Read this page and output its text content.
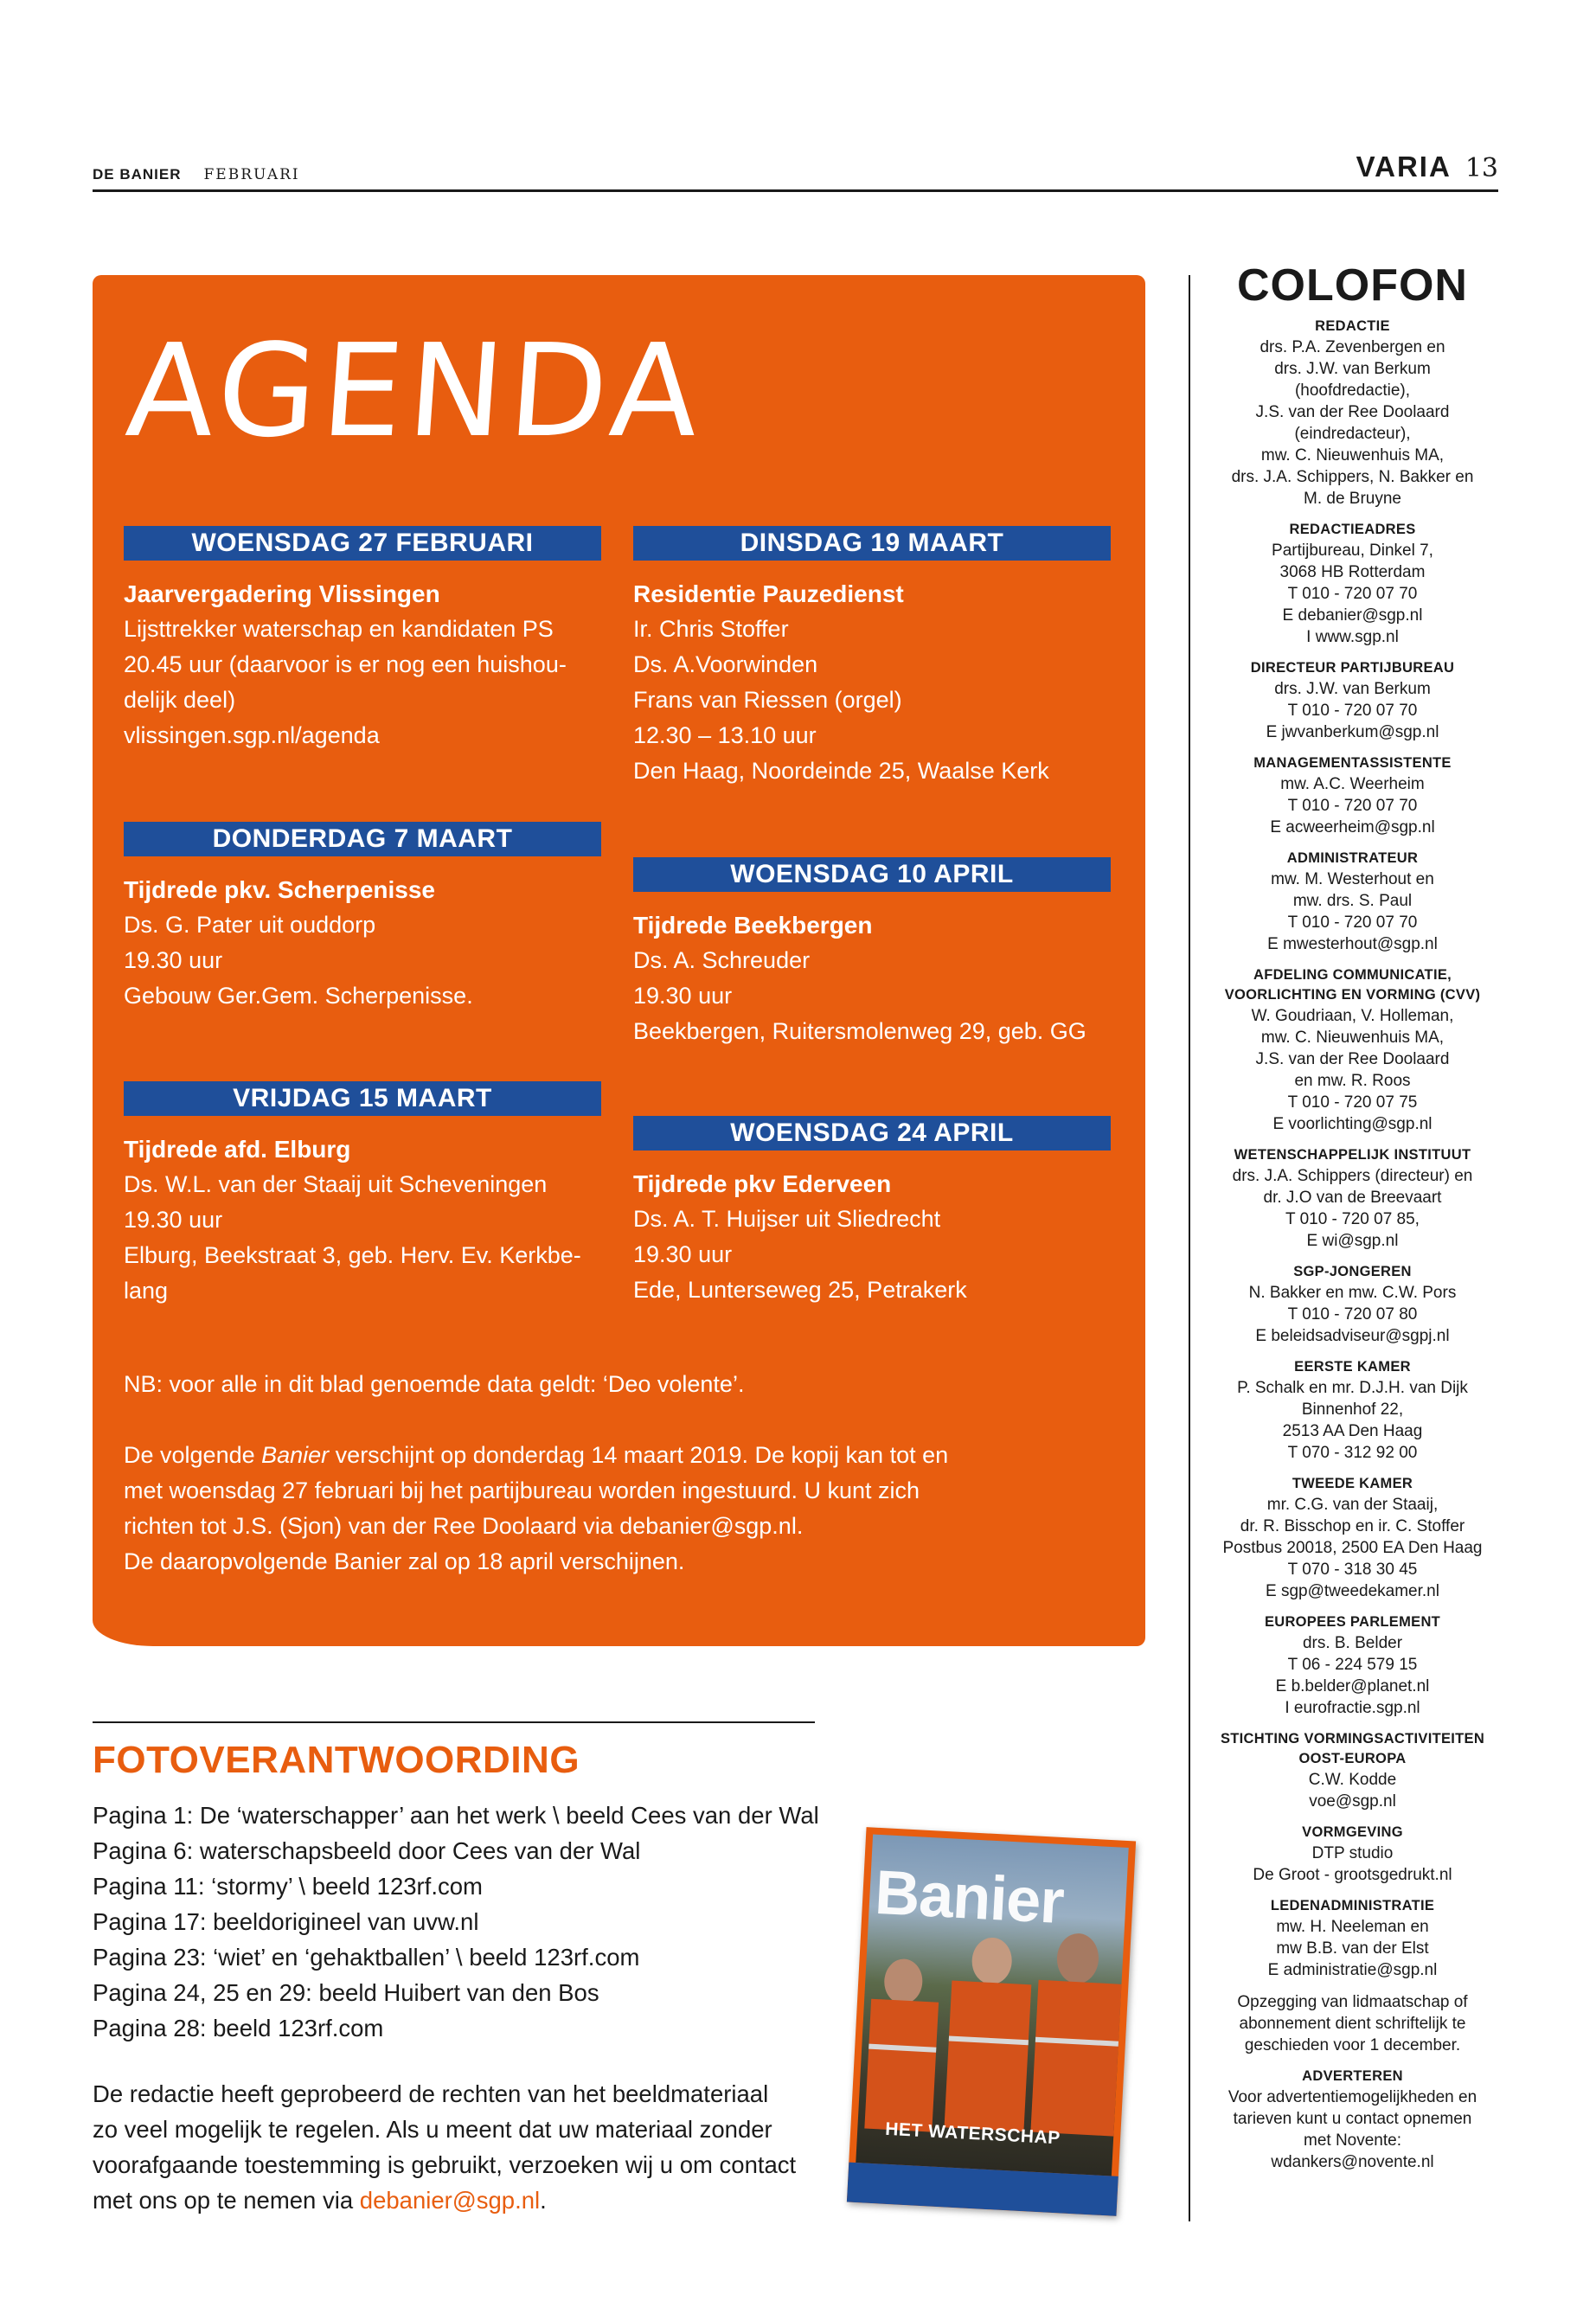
DE BANIER FEBRUARI	VARIA 13
AGENDA
WOENSDAG 27 FEBRUARI
Jaarvergadering Vlissingen
Lijsttrekker waterschap en kandidaten PS
20.45 uur (daarvoor is er nog een huishou-
delijk deel)
vlissingen.sgp.nl/agenda
DONDERDAG 7 MAART
Tijdrede pkv. Scherpenisse
Ds. G. Pater uit ouddorp
19.30 uur
Gebouw Ger.Gem. Scherpenisse.
VRIJDAG 15 MAART
Tijdrede afd. Elburg
Ds. W.L. van der Staaij uit Scheveningen
19.30 uur
Elburg, Beekstraat 3, geb. Herv. Ev. Kerkbe-
lang
DINSDAG 19 MAART
Residentie Pauzedienst
Ir. Chris Stoffer
Ds. A.Voorwinden
Frans van Riessen (orgel)
12.30 – 13.10 uur
Den Haag, Noordeinde 25, Waalse Kerk
WOENSDAG 10 APRIL
Tijdrede Beekbergen
Ds. A. Schreuder
19.30 uur
Beekbergen, Ruitersmolenweg 29, geb. GG
WOENSDAG 24 APRIL
Tijdrede pkv Ederveen
Ds. A. T. Huijser uit Sliedrecht
19.30 uur
Ede, Lunterseweg 25, Petrakerk

NB: voor alle in dit blad genoemde data geldt: ‘Deo volente’.

De volgende Banier verschijnt op donderdag 14 maart 2019. De kopij kan tot en

met woensdag 27 februari bij het partijbureau worden ingestuurd. U kunt zich

richten tot J.S. (Sjon) van der Ree Doolaard via debanier@sgp.nl.

De daaropvolgende Banier zal op 18 april verschijnen.

COLOFON
REDACTIE
drs. P.A. Zevenbergen en
drs. J.W. van Berkum
(hoofdredactie),
J.S. van der Ree Doolaard
(eindredacteur),
mw. C. Nieuwenhuis MA,
drs. J.A. Schippers, N. Bakker en
M. de Bruyne
REDACTIEADRES
Partijbureau, Dinkel 7,
3068 HB Rotterdam
T 010 - 720 07 70
E debanier@sgp.nl
I www.sgp.nl
DIRECTEUR PARTIJBUREAU
drs. J.W. van Berkum
T 010 - 720 07 70
E jwvanberkum@sgp.nl
MANAGEMENTASSISTENTE
mw. A.C. Weerheim
T 010 - 720 07 70
E acweerheim@sgp.nl
ADMINISTRATEUR
mw. M. Westerhout en
mw. drs. S. Paul
T 010 - 720 07 70
E mwesterhout@sgp.nl
AFDELING COMMUNICATIE, VOORLICHTING EN VORMING (CVV)
W. Goudriaan, V. Holleman,
mw. C. Nieuwenhuis MA,
J.S. van der Ree Doolaard
en mw. R. Roos
T 010 - 720 07 75
E voorlichting@sgp.nl
WETENSCHAPPELIJK INSTITUUT
drs. J.A. Schippers (directeur) en
dr. J.O van de Breevaart
T 010 - 720 07 85,
E wi@sgp.nl
SGP-JONGEREN
N. Bakker en mw. C.W. Pors
T 010 - 720 07 80
E beleidsadviseur@sgpj.nl
EERSTE KAMER
P. Schalk en mr. D.J.H. van Dijk
Binnenhof 22,
2513 AA Den Haag
T 070 - 312 92 00
TWEEDE KAMER
mr. C.G. van der Staaij,
dr. R. Bisschop en ir. C. Stoffer
Postbus 20018, 2500 EA Den Haag
T 070 - 318 30 45
E sgp@tweedekamer.nl
EUROPEES PARLEMENT
drs. B. Belder
T 06 - 224 579 15
E b.belder@planet.nl
I eurofractie.sgp.nl
STICHTING VORMINGSACTIVITEITEN OOST-EUROPA
C.W. Kodde
voe@sgp.nl
VORMGEVING
DTP studio
De Groot - grootsgedrukt.nl
LEDENADMINISTRATIE
mw. H. Neeleman en
mw B.B. van der Elst
E administratie@sgp.nl
Opzegging van lidmaatschap of
abonnement dient schriftelijk te
geschieden voor 1 december.
ADVERTEREN
Voor advertentiemogelijkheden en
tarieven kunt u contact opnemen
met Novente:
wdankers@novente.nl
FOTOVERANTWOORDING
Pagina 1: De ‘waterschapper’ aan het werk \ beeld Cees van der Wal
Pagina 6: waterschapsbeeld door Cees van der Wal
Pagina 11: ‘stormy’ \ beeld 123rf.com
Pagina 17: beeldorigineel van uvw.nl
Pagina 23: ‘wiet’ en ‘gehaktballen’ \ beeld 123rf.com
Pagina 24, 25 en 29: beeld Huibert van den Bos
Pagina 28: beeld 123rf.com
De redactie heeft geprobeerd de rechten van het beeldmateriaal
zo veel mogelijk te regelen. Als u meent dat uw materiaal zonder
voorafgaande toestemming is gebruikt, verzoeken wij u om contact
met ons op te nemen via debanier@sgp.nl.
Banier
HET WATERSCHAP
